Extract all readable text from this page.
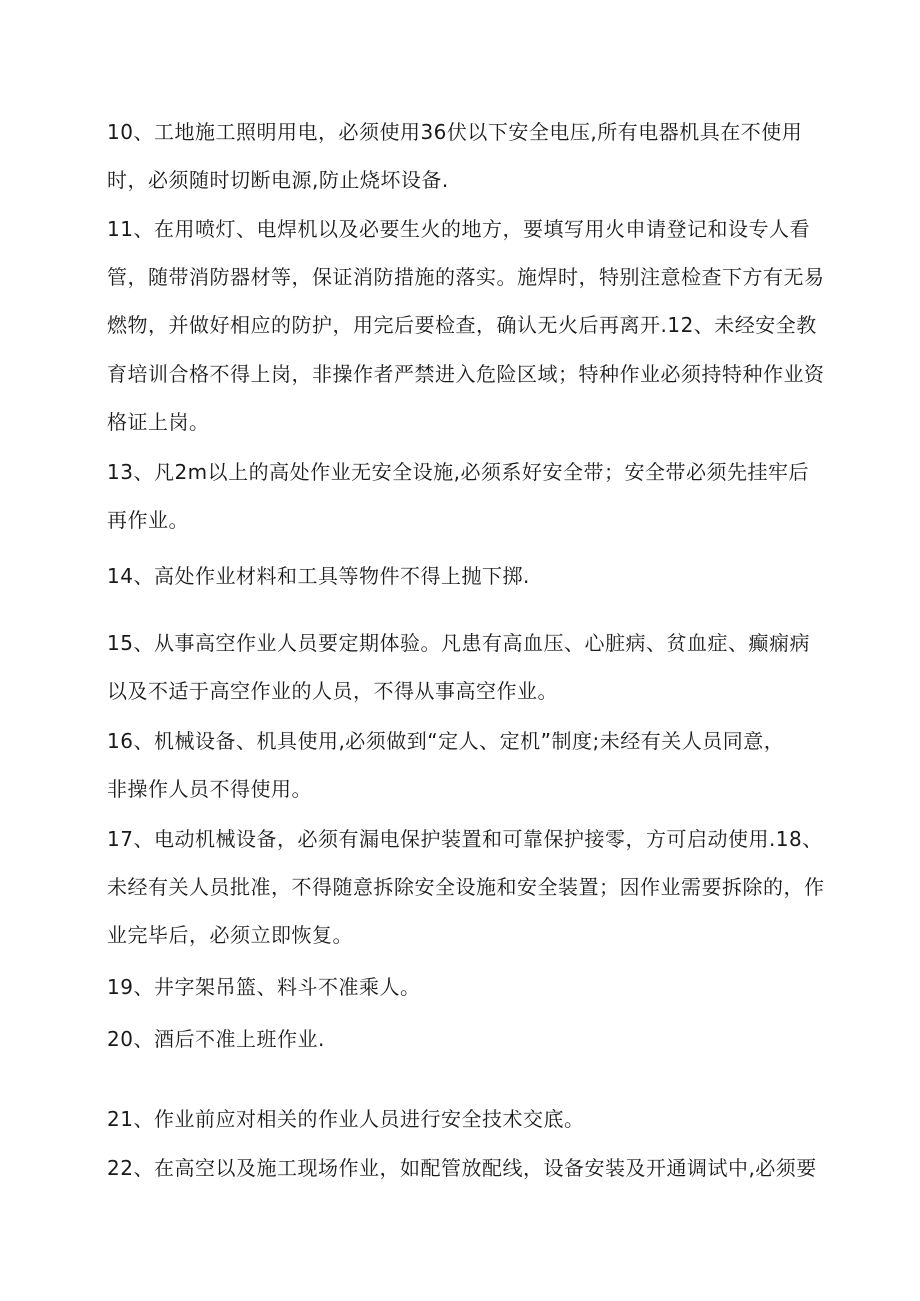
10、工地施工照明用电，必须使用36伏以下安全电压,所有电器机具在不使用
时，必须随时切断电源,防止烧坏设备.
11、在用喷灯、电焊机以及必要生火的地方，要填写用火申请登记和设专人看
管，随带消防器材等，保证消防措施的落实。施焊时，特别注意检查下方有无易
燃物，并做好相应的防护，用完后要检查，确认无火后再离开.12、未经安全教
育培训合格不得上岗，非操作者严禁进入危险区域；特种作业必须持特种作业资
格证上岗。
13、凡2m以上的高处作业无安全设施,必须系好安全带；安全带必须先挂牢后
再作业。
14、高处作业材料和工具等物件不得上抛下掷.
15、从事高空作业人员要定期体验。凡患有高血压、心脏病、贫血症、癫痫病
以及不适于高空作业的人员，不得从事高空作业。
16、机械设备、机具使用,必须做到“定人、定机”制度;未经有关人员同意，
非操作人员不得使用。
17、电动机械设备，必须有漏电保护装置和可靠保护接零，方可启动使用.18、
未经有关人员批准，不得随意拆除安全设施和安全装置；因作业需要拆除的，作
业完毕后，必须立即恢复。
19、井字架吊篮、料斗不准乘人。
20、酒后不准上班作业.
21、作业前应对相关的作业人员进行安全技术交底。
22、在高空以及施工现场作业，如配管放配线，设备安装及开通调试中,必须要
